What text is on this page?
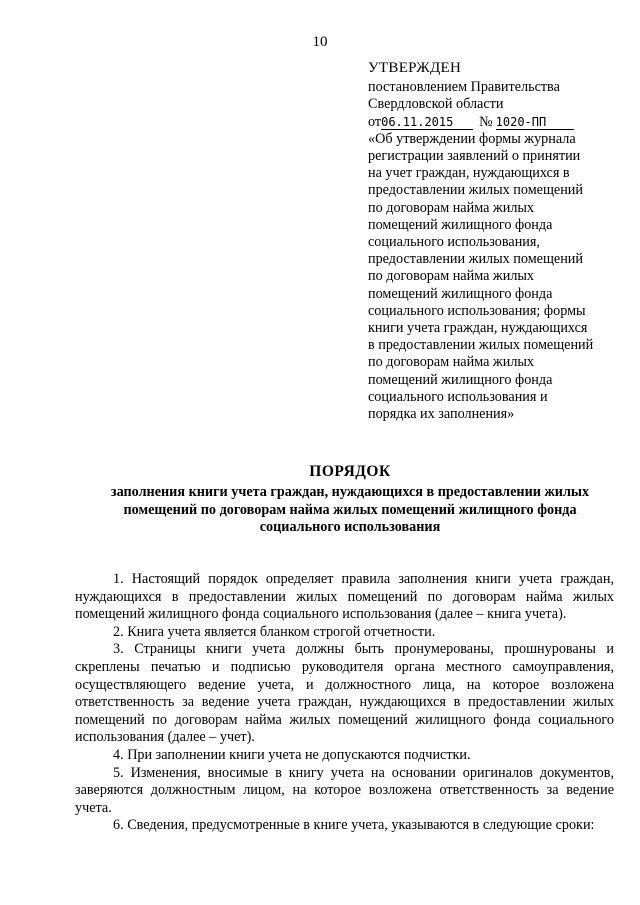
10
УТВЕРЖДЕН
постановлением Правительства
Свердловской области
от06.11.2015 № 1020-ПП
«Об утверждении формы журнала
регистрации заявлений о принятии
на учет граждан, нуждающихся в
предоставлении жилых помещений
по договорам найма жилых
помещений жилищного фонда
социального использования,
предоставлении жилых помещений
по договорам найма жилых
помещений жилищного фонда
социального использования; формы
книги учета граждан, нуждающихся
в предоставлении жилых помещений
по договорам найма жилых
помещений жилищного фонда
социального использования и
порядка их заполнения»
ПОРЯДОК
заполнения книги учета граждан, нуждающихся в предоставлении жилых
помещений по договорам найма жилых помещений жилищного фонда
социального использования

1. Настоящий порядок определяет правила заполнения книги учета граждан, нуждающихся в предоставлении жилых помещений по договорам найма жилых помещений жилищного фонда социального использования (далее – книга учета).

2. Книга учета является бланком строгой отчетности.

3. Страницы книги учета должны быть пронумерованы, прошнурованы и скреплены печатью и подписью руководителя органа местного самоуправления, осуществляющего ведение учета, и должностного лица, на которое возложена ответственность за ведение учета граждан, нуждающихся в предоставлении жилых помещений по договорам найма жилых помещений жилищного фонда социального использования (далее – учет).

4. При заполнении книги учета не допускаются подчистки.

5. Изменения, вносимые в книгу учета на основании оригиналов документов, заверяются должностным лицом, на которое возложена ответственность за ведение учета.

6. Сведения, предусмотренные в книге учета, указываются в следующие сроки:
